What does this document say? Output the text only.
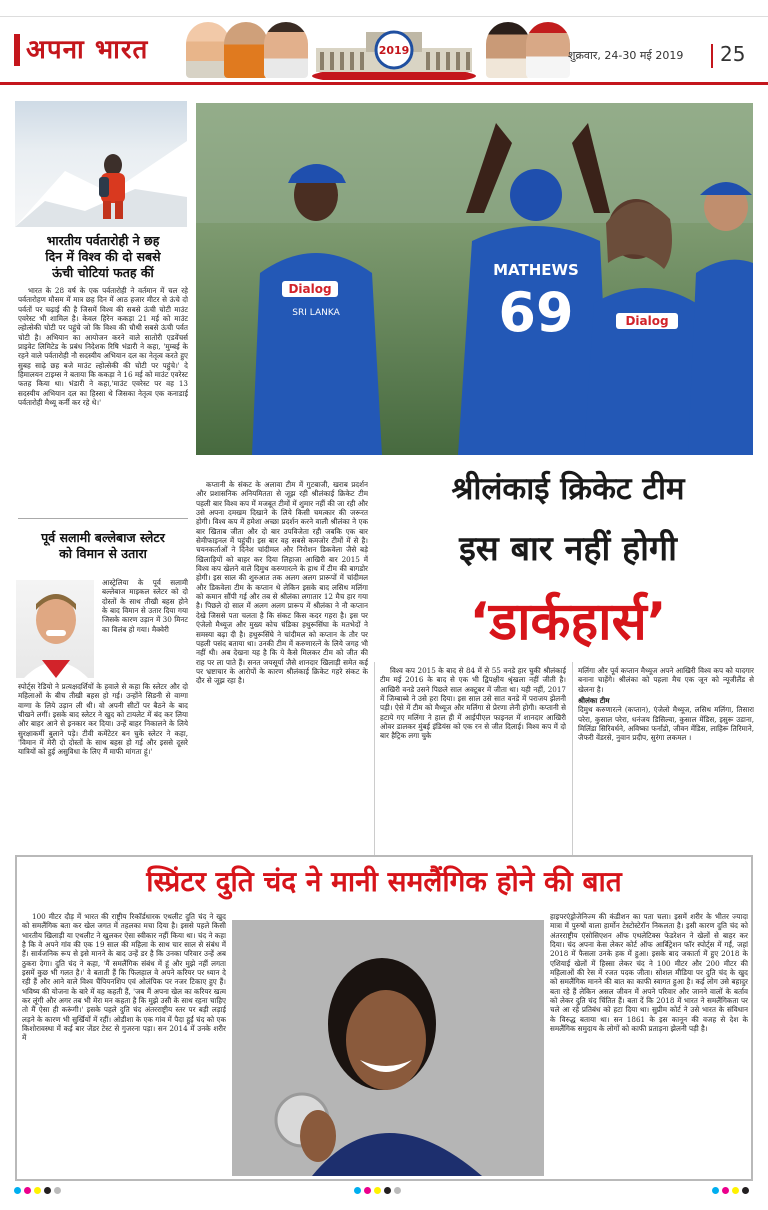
अपना भारत	2019	शुक्रवार, 24-30 मई 2019 25
भारतीय पर्वतारोही ने छह
दिन में विश्व की दो सबसे
ऊंची चोटियां फतह कीं

भारत के 28 वर्ष के एक पर्वतारोही ने वर्तमान में चल रहे पर्वतारोहण मौसम में मात्र छह दिन में आठ हजार मीटर से ऊंचे दो पर्वतों पर चढ़ाई की है जिसमें विश्व की सबसे ऊंची चोटी माउंट एवरेस्ट भी शामिल है। केवल हिरेन ककड़ा 21 मई को माउंट ल्होत्सेकी चोटी पर पहुंचे जो कि विश्व की चौथी सबसे ऊंची पर्वत चोटी है। अभियान का आयोजन करने वाले सातोरी एडवेंचर्स प्राइवेट लिमिटेड के प्रबंध निदेशक रिषि भंडारी ने कहा, 'मुम्बई के रहने वाले पर्वतारोही नौ सदस्यीय अभियान दल का नेतृत्व करते हुए सुबह साढ़े छह बजे माउंट ल्होत्सेकी की चोटी पर पहुंचे।' दे हिमालयन टाइम्स ने बताया कि ककड़ा ने 16 मई को माउंट एवरेस्ट फतह किया था। भंडारी ने कहा,'माउंट एवरेस्ट पर वह 13 सदस्यीय अभियान दल का हिस्सा थे जिसका नेतृत्व एक कनाडाई पर्वतारोही मैथ्यू कर्नी कर रहे थे।'

पूर्व सलामी बल्लेबाज स्लेटर
को विमान से उतारा

आस्ट्रेलिया के पूर्व सलामी बल्लेबाज माइकल स्लेटर को दो दोस्तों के साथ तीखी बहस होने के बाद विमान से उतार दिया गया जिसके कारण उड़ान में 30 मिनट का विलंब हो गया। मैक्वेरी

स्पोर्ट्स रेडियो ने प्रत्यक्षदर्शियों के हवाले से कहा कि स्लेटर और दो महिलाओं के बीच तीखी बहस हो गई। उन्होंने सिडनी से वाग्गा वाग्गा के लिये उड़ान ली थी। वो अपनी सीटों पर बैठने के बाद चीखने लगीं। इसके बाद स्लेटर ने खुद को टायलेट में बंद कर लिया और बाहर आने से इनकार कर दिया। उन्हें बाहर निकालने के लिये सुरक्षाकर्मी बुलाने पड़े। टीवी कमेंटेटर बन चुके स्लेटर ने कहा, 'विमान में मेरी दो दोस्तों के साथ बहस हो गई और इससे दूसरे यात्रियों को हुई असुविधा के लिए मैं माफी मांगता हूं।'

Dialog
SRI LANKA
MATHEWS
69	Dialog
श्रीलंकाई क्रिकेट टीम
इस बार नहीं होगी
‘डार्कहार्स’

कप्तानी के संकट के अलावा टीम में गुटबाजी, खराब प्रदर्शन और प्रशासनिक अनियमितता से जूझ रही श्रीलंकाई क्रिकेट टीम पहली बार विश्व कप में मजबूत टीमों में शुमार नहीं की जा रही और उसे अपना दमखम दिखाने के लिये किसी चमत्कार की जरूरत होगी। विश्व कप में हमेशा अच्छा प्रदर्शन करने वाली श्रीलंका ने एक बार खिताब जीता और दो बार उपविजेता रही जबकि एक बार सेमीफाइनल में पहुंची। इस बार वह सबसे कमजोर टीमों में से है। चयनकर्ताओं ने दिनेश चांदीमल और निरोशन डिकवेला जैसे बड़े खिलाड़ियों को बाहर कर दिया लिहाजा आखिरी बार 2015 में विश्व कप खेलने वाले दिमुथ करुणारत्ने के हाथ में टीम की बागडोर होगी। इस साल की शुरुआत तक अलग अलग प्रारूपों में चांदीमल और डिकवेला टीम के कप्तान थे लेकिन इसके बाद लसिथ मलिंगा को कमान सौंपी गई और तब से श्रीलंका लगातार 12 मैच हार गया है। पिछले दो साल में अलग अलग प्रारूप में श्रीलंका ने नौ कप्तान देखे जिससे पता चलता है कि संकट किस कदर गहरा है। इस पर एंजेलो मैथ्यूज और मुख्य कोच चंडिका हथुरूसिंघा के मतभेदों ने समस्या बढ़ा दी है। हथुरूसिंघे ने चांदीमल को कप्तान के तौर पर पहली पसंद बताया था। उनकी टीम में करुणारत्ने के लिये जगह भी नहीं थी। अब देखना यह है कि ये कैसे मिलकर टीम को जीत की राह पर ला पाते हैं। सनत जयसूर्या जैसे शानदार खिलाड़ी समेत कई पर भ्रष्टाचार के आरोपों के कारण श्रीलंकाई क्रिकेट गहरे संकट के दौर से जूझ रहा है।

विश्व कप 2015 के बाद से 84 में से 55 वनडे हार चुकी श्रीलंकाई टीम मई 2016 के बाद से एक भी द्विपक्षीय श्रृंखला नहीं जीती है। आखिरी वनडे उसने पिछले साल अक्टूबर में जीता था। यही नहीं, 2017 में जिम्बाब्वे ने उसे हरा दिया। इस साल उसे सात वनडे में पराजय झेलनी पड़ी। ऐसे में टीम को मैथ्यूज और मलिंगा से प्रेरणा लेनी होगी। कप्तानी से हटाये गए मलिंगा ने हाल ही में आईपीएल फाइनल में शानदार आखिरी ओवर डालकर मुंबई इंडियंस को एक रन से जीत दिलाई। विश्व कप में दो बार हैट्रिक लगा चुके

मलिंगा और पूर्व कप्तान मैथ्यूज अपने आखिरी विश्व कप को यादगार बनाना चाहेंगे। श्रीलंका को पहला मैच एक जून को न्यूजीलैंड से खेलना है।

श्रीलंका टीम

दिमुथ करुणारत्ने (कप्तान), एंजेलो मैथ्यूज, लसिथ मलिंगा, तिसारा परेरा, कुसाल परेरा, धनंजय डिसिल्वा, कुसाल मेंडिस, इसुरू उडाना, मिलिंडा सिरिवर्धने, अविष्का फर्नांडो, जीवन मेंडिस, लाहिरू तिरिमाने, जैफरी वेंडरसे, नुवान प्रदीप, सुरंगा लकमल ।

स्प्रिंटर दुति चंद ने मानी समलैंगिक होने की बात

100 मीटर दौड़ में भारत की राष्ट्रीय रिकॉर्डधारक एथलीट दुति चंद ने खुद को समलैंगिक बता कर खेल जगत में तहलका मचा दिया है। इससे पहले किसी भारतीय खिलाड़ी या एथलीट ने खुलकर ऐसा स्वीकार नहीं किया था। चंद ने कहा है कि वे अपने गांव की एक 19 साल की महिला के साथ चार साल से संबंध में हैं। सार्वजनिक रूप से इसे मानने के बाद उन्हें डर है कि उनका परिवार उन्हें अब ठुकरा देगा। दुति चंद ने कहा, 'मैं समलैंगिक संबंध में हूं और मुझे नहीं लगता इसमें कुछ भी गलत है।' वे बताती हैं कि फिलहाल वे अपने करियर पर ध्यान दे रही हैं और आने वाले विश्व चैंपियनशिप एवं ओलंपिक पर नजर टिकाए हुए हैं। भविष्य की योजना के बारे में वह कहती हैं, 'जब मैं अपना खेल का करियर खत्म कर लूंगी और अगर तब भी मेरा मन कहता है कि मुझे उसी के साथ रहना चाहिए तो मैं ऐसा ही करूंगी।' इसके पहले दुति चंद अंतरराष्ट्रीय स्तर पर बड़ी लड़ाई लड़ने के कारण भी सुर्खियों में रहीं। ओडीशा के एक गांव में पैदा हुईं चंद को एक किशोरावस्था में कई बार जेंडर टेस्ट से गुजरना पड़ा। सन 2014 में उनके शरीर में

हाइपरएंड्रोजेनिज्म की कंडीशन का पता चला। इसमें शरीर के भीतर ज्यादा मात्रा में पुरुषों वाला हार्मोन टेस्टोस्टेरॉन निकलता है। इसी कारण दुति चंद को अंतरराष्ट्रीय एसोसिएशन ऑफ एथलेटिक्स फेडरेशन ने खेलों से बाहर कर दिया। चंद अपना केस लेकर कोर्ट ऑफ आर्बिट्रेशन फॉर स्पोर्ट्स में गईं, जहां 2018 में फैसला उनके हक में हुआ। इसके बाद जकार्ता में हुए 2018 के एशियाई खेलों में हिस्सा लेकर चंद ने 100 मीटर और 200 मीटर की महिलाओं की रेस में रजत पदक जीता। सोशल मीडिया पर दुति चंद के खुद को समलैंगिक मानने की बात का काफी स्वागत हुआ है। कई लोग उसे बहादुर बता रहे हैं लेकिन असल जीवन में अपने परिवार और जानने वालों के बर्ताव को लेकर दुति चंद चिंतित हैं। बता दें कि 2018 में भारत ने समलैंगिकता पर चले आ रहे प्रतिबंध को हटा दिया था। सुप्रीम कोर्ट ने उसे भारत के संविधान के विरुद्ध बताया था। सन 1861 के इस कानून की वजह से देश के समलैंगिक समुदाय के लोगों को काफी प्रताड़ना झेलनी पड़ी है।
